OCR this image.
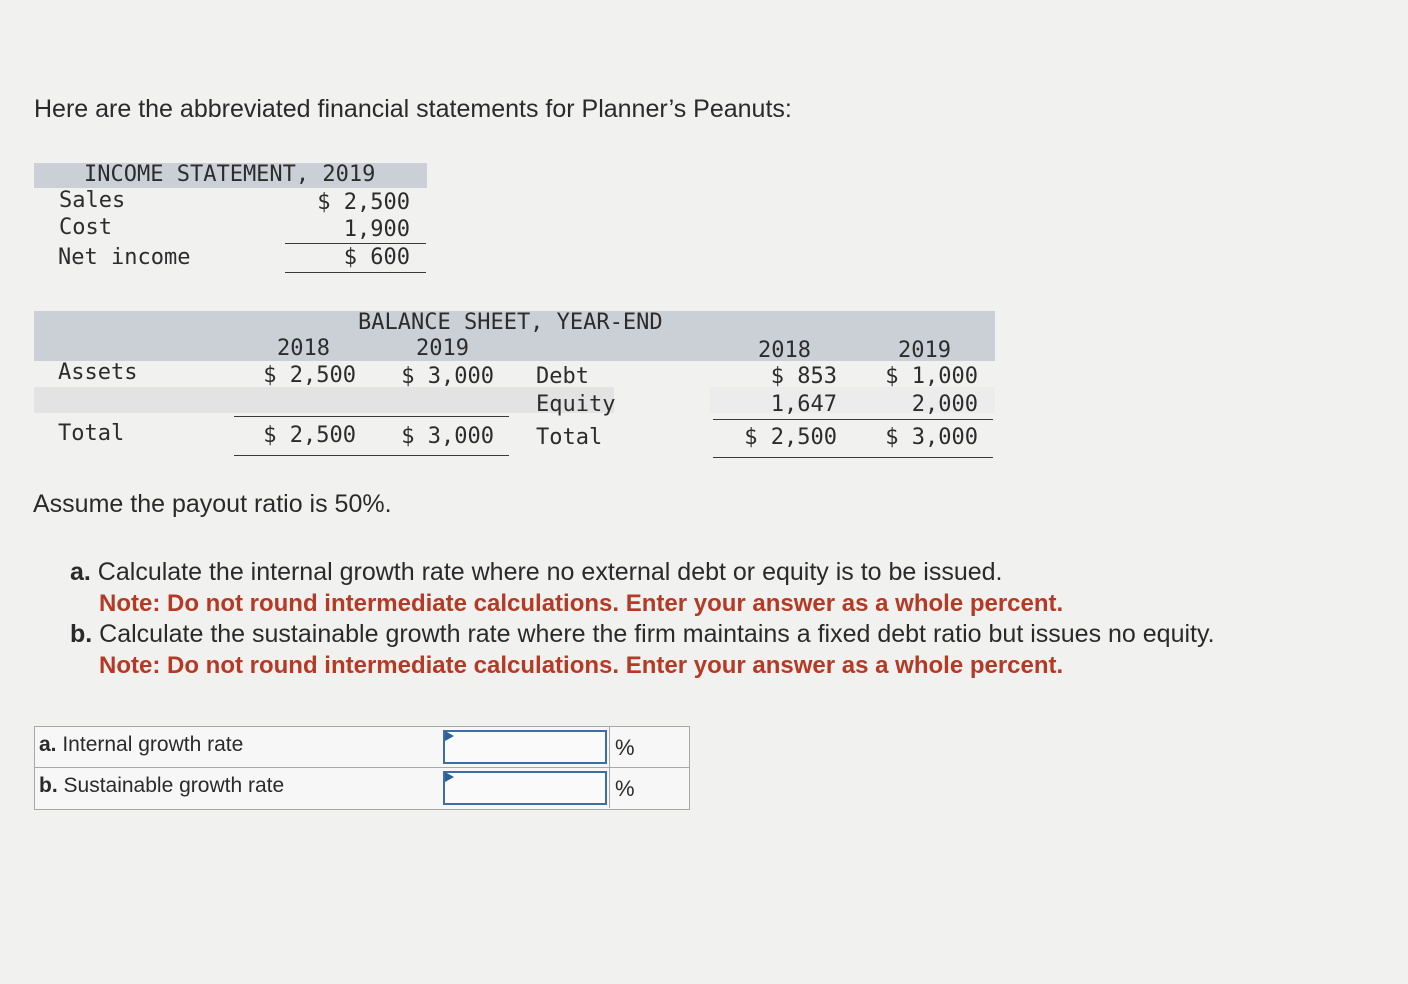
Here are the abbreviated financial statements for Planner’s Peanuts:
INCOME STATEMENT, 2019
Sales	$ 2,500
Cost	1,900
Net income	$ 600
BALANCE SHEET, YEAR-END
2018	2019	2018	2019
Assets	$ 2,500	$ 3,000 Debt	$ 853	$ 1,000
Equity	1,647	2,000
Total	$ 2,500	$ 3,000 Total	$ 2,500	$ 3,000
Assume the payout ratio is 50%.
a. Calculate the internal growth rate where no external debt or equity is to be issued.
Note: Do not round intermediate calculations. Enter your answer as a whole percent.
b. Calculate the sustainable growth rate where the firm maintains a fixed debt ratio but issues no equity.
Note: Do not round intermediate calculations. Enter your answer as a whole percent.
a. Internal growth rate	%
b. Sustainable growth rate	%
